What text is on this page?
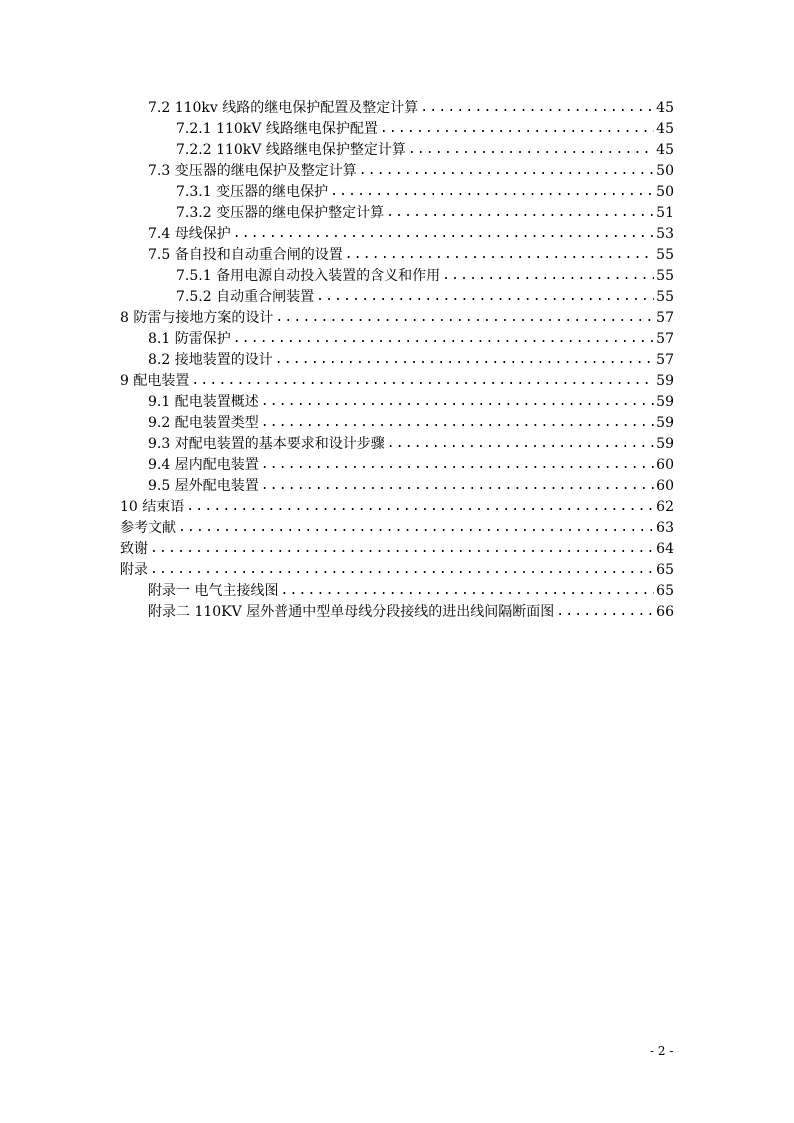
7.2 110kv 线路的继电保护配置及整定计算 .....	45
7.2.1 110kV 线路继电保护配置 .....	45
7.2.2 110kV 线路继电保护整定计算 .....	45
7.3 变压器的继电保护及整定计算 .....	50
7.3.1 变压器的继电保护 .....	50
7.3.2 变压器的继电保护整定计算 .....	51
7.4 母线保护 .....	53
7.5 备自投和自动重合闸的设置 .....	55
7.5.1 备用电源自动投入装置的含义和作用 .....	55
7.5.2 自动重合闸装置 .....	55
8 防雷与接地方案的设计 .....	57
8.1 防雷保护 .....	57
8.2 接地装置的设计 .....	57
9 配电装置 .....	59
9.1 配电装置概述 .....	59
9.2 配电装置类型 .....	59
9.3 对配电装置的基本要求和设计步骤 .....	59
9.4 屋内配电装置 .....	60
9.5 屋外配电装置 .....	60
10 结束语 .....	62
参考文献 .....	63
致谢 .....	64
附录 .....	65
附录一 电气主接线图 .....	65
附录二 110KV 屋外普通中型单母线分段接线的进出线间隔断面图 .....	66
- 2 -
